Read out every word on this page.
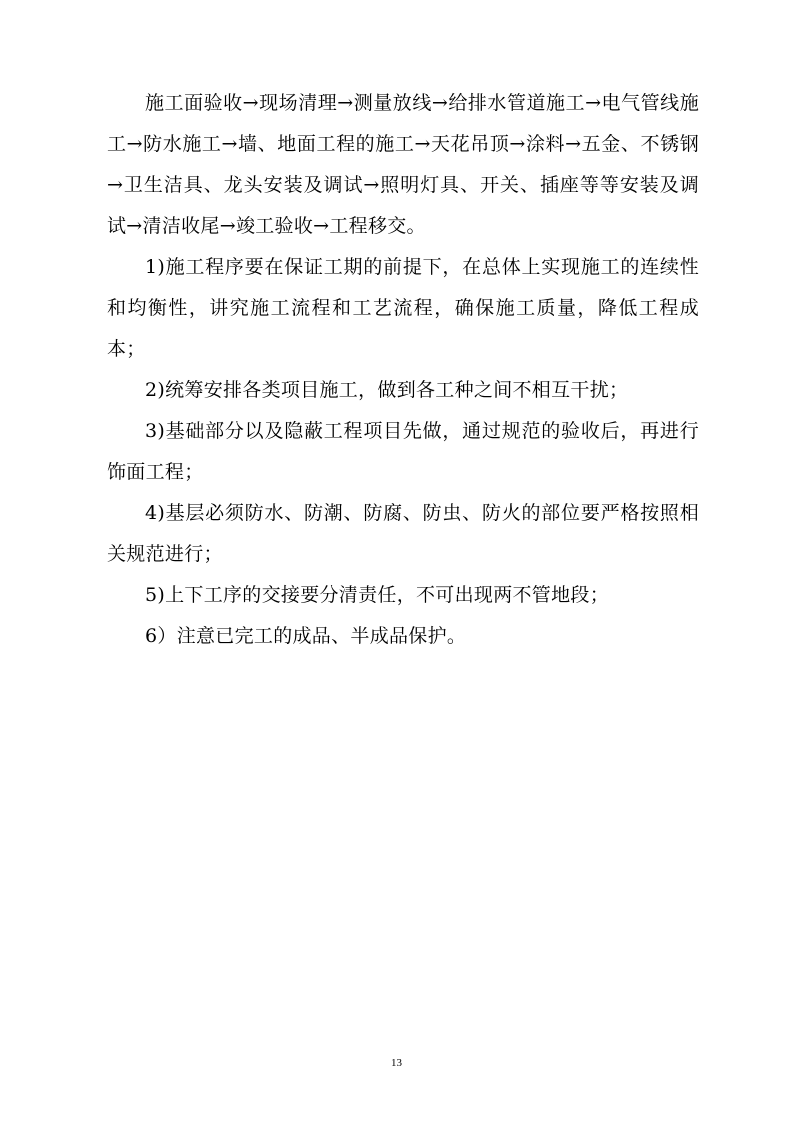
施工面验收→现场清理→测量放线→给排水管道施工→电气管线施工→防水施工→墙、地面工程的施工→天花吊顶→涂料→五金、不锈钢→卫生洁具、龙头安装及调试→照明灯具、开关、插座等等安装及调试→清洁收尾→竣工验收→工程移交。

1)施工程序要在保证工期的前提下，在总体上实现施工的连续性和均衡性，讲究施工流程和工艺流程，确保施工质量，降低工程成本；

2)统筹安排各类项目施工，做到各工种之间不相互干扰；

3)基础部分以及隐蔽工程项目先做，通过规范的验收后，再进行饰面工程；

4)基层必须防水、防潮、防腐、防虫、防火的部位要严格按照相关规范进行；

5)上下工序的交接要分清责任，不可出现两不管地段；

6）注意已完工的成品、半成品保护。

13
